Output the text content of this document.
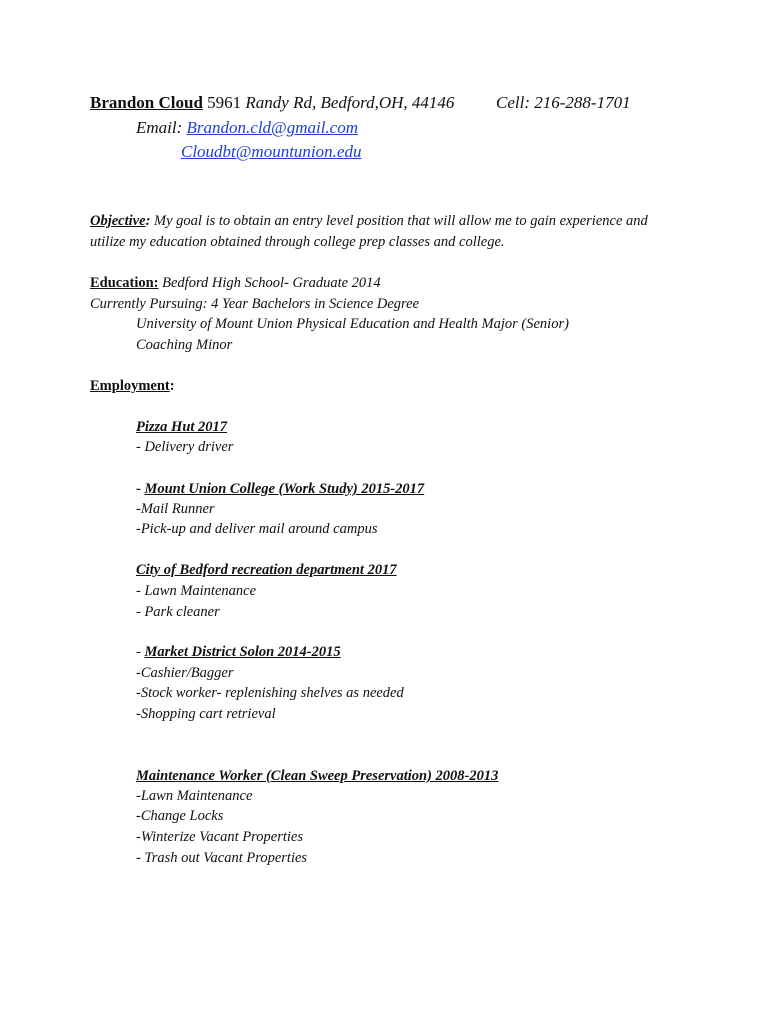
Brandon Cloud 5961 Randy Rd, Bedford,OH, 44146 Cell: 216-288-1701
Email: Brandon.cld@gmail.com
Cloudbt@mountunion.edu
Objective: My goal is to obtain an entry level position that will allow me to gain experience and
utilize my education obtained through college prep classes and college.
Education: Bedford High School- Graduate 2014
Currently Pursuing: 4 Year Bachelors in Science Degree
University of Mount Union Physical Education and Health Major (Senior)
Coaching Minor
Employment:
Pizza Hut 2017
- Delivery driver
- Mount Union College (Work Study) 2015-2017
-Mail Runner
-Pick-up and deliver mail around campus
City of Bedford recreation department 2017
- Lawn Maintenance
- Park cleaner
- Market District Solon 2014-2015
-Cashier/Bagger
-Stock worker- replenishing shelves as needed
-Shopping cart retrieval
Maintenance Worker (Clean Sweep Preservation) 2008-2013
-Lawn Maintenance
-Change Locks
-Winterize Vacant Properties
- Trash out Vacant Properties
